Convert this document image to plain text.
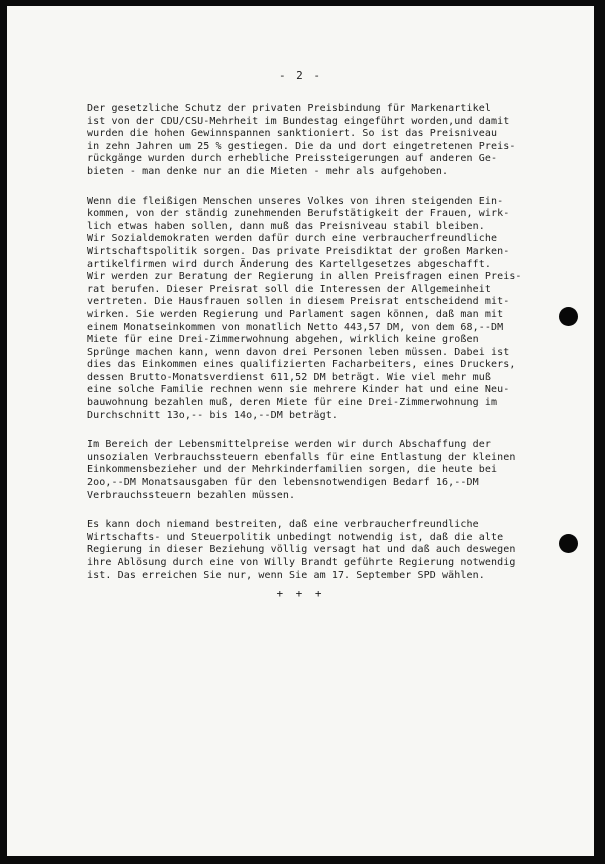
- 2 -
Der gesetzliche Schutz der privaten Preisbindung für Markenartikel
ist von der CDU/CSU-Mehrheit im Bundestag eingeführt worden,und damit
wurden die hohen Gewinnspannen sanktioniert. So ist das Preisniveau
in zehn Jahren um 25 % gestiegen. Die da und dort eingetretenen Preis-
rückgänge wurden durch erhebliche Preissteigerungen auf anderen Ge-
bieten - man denke nur an die Mieten - mehr als aufgehoben.
Wenn die fleißigen Menschen unseres Volkes von ihren steigenden Ein-
kommen, von der ständig zunehmenden Berufstätigkeit der Frauen, wirk-
lich etwas haben sollen, dann muß das Preisniveau stabil bleiben.
Wir Sozialdemokraten werden dafür durch eine verbraucherfreundliche
Wirtschaftspolitik sorgen. Das private Preisdiktat der großen Marken-
artikelfirmen wird durch Änderung des Kartellgesetzes abgeschafft.
Wir werden zur Beratung der Regierung in allen Preisfragen einen Preis-
rat berufen. Dieser Preisrat soll die Interessen der Allgemeinheit
vertreten. Die Hausfrauen sollen in diesem Preisrat entscheidend mit-
wirken. Sie werden Regierung und Parlament sagen können, daß man mit
einem Monatseinkommen von monatlich Netto 443,57 DM, von dem 68,--DM
Miete für eine Drei-Zimmerwohnung abgehen, wirklich keine großen
Sprünge machen kann, wenn davon drei Personen leben müssen. Dabei ist
dies das Einkommen eines qualifizierten Facharbeiters, eines Druckers,
dessen Brutto-Monatsverdienst 611,52 DM beträgt. Wie viel mehr muß
eine solche Familie rechnen wenn sie mehrere Kinder hat und eine Neu-
bauwohnung bezahlen muß, deren Miete für eine Drei-Zimmerwohnung im
Durchschnitt 13o,-- bis 14o,--DM beträgt.
Im Bereich der Lebensmittelpreise werden wir durch Abschaffung der
unsozialen Verbrauchssteuern ebenfalls für eine Entlastung der kleinen
Einkommensbezieher und der Mehrkinderfamilien sorgen, die heute bei
2oo,--DM Monatsausgaben für den lebensnotwendigen Bedarf 16,--DM
Verbrauchssteuern bezahlen müssen.
Es kann doch niemand bestreiten, daß eine verbraucherfreundliche
Wirtschafts- und Steuerpolitik unbedingt notwendig ist, daß die alte
Regierung in dieser Beziehung völlig versagt hat und daß auch deswegen
ihre Ablösung durch eine von Willy Brandt geführte Regierung notwendig
ist. Das erreichen Sie nur, wenn Sie am 17. September SPD wählen.
+ + +
